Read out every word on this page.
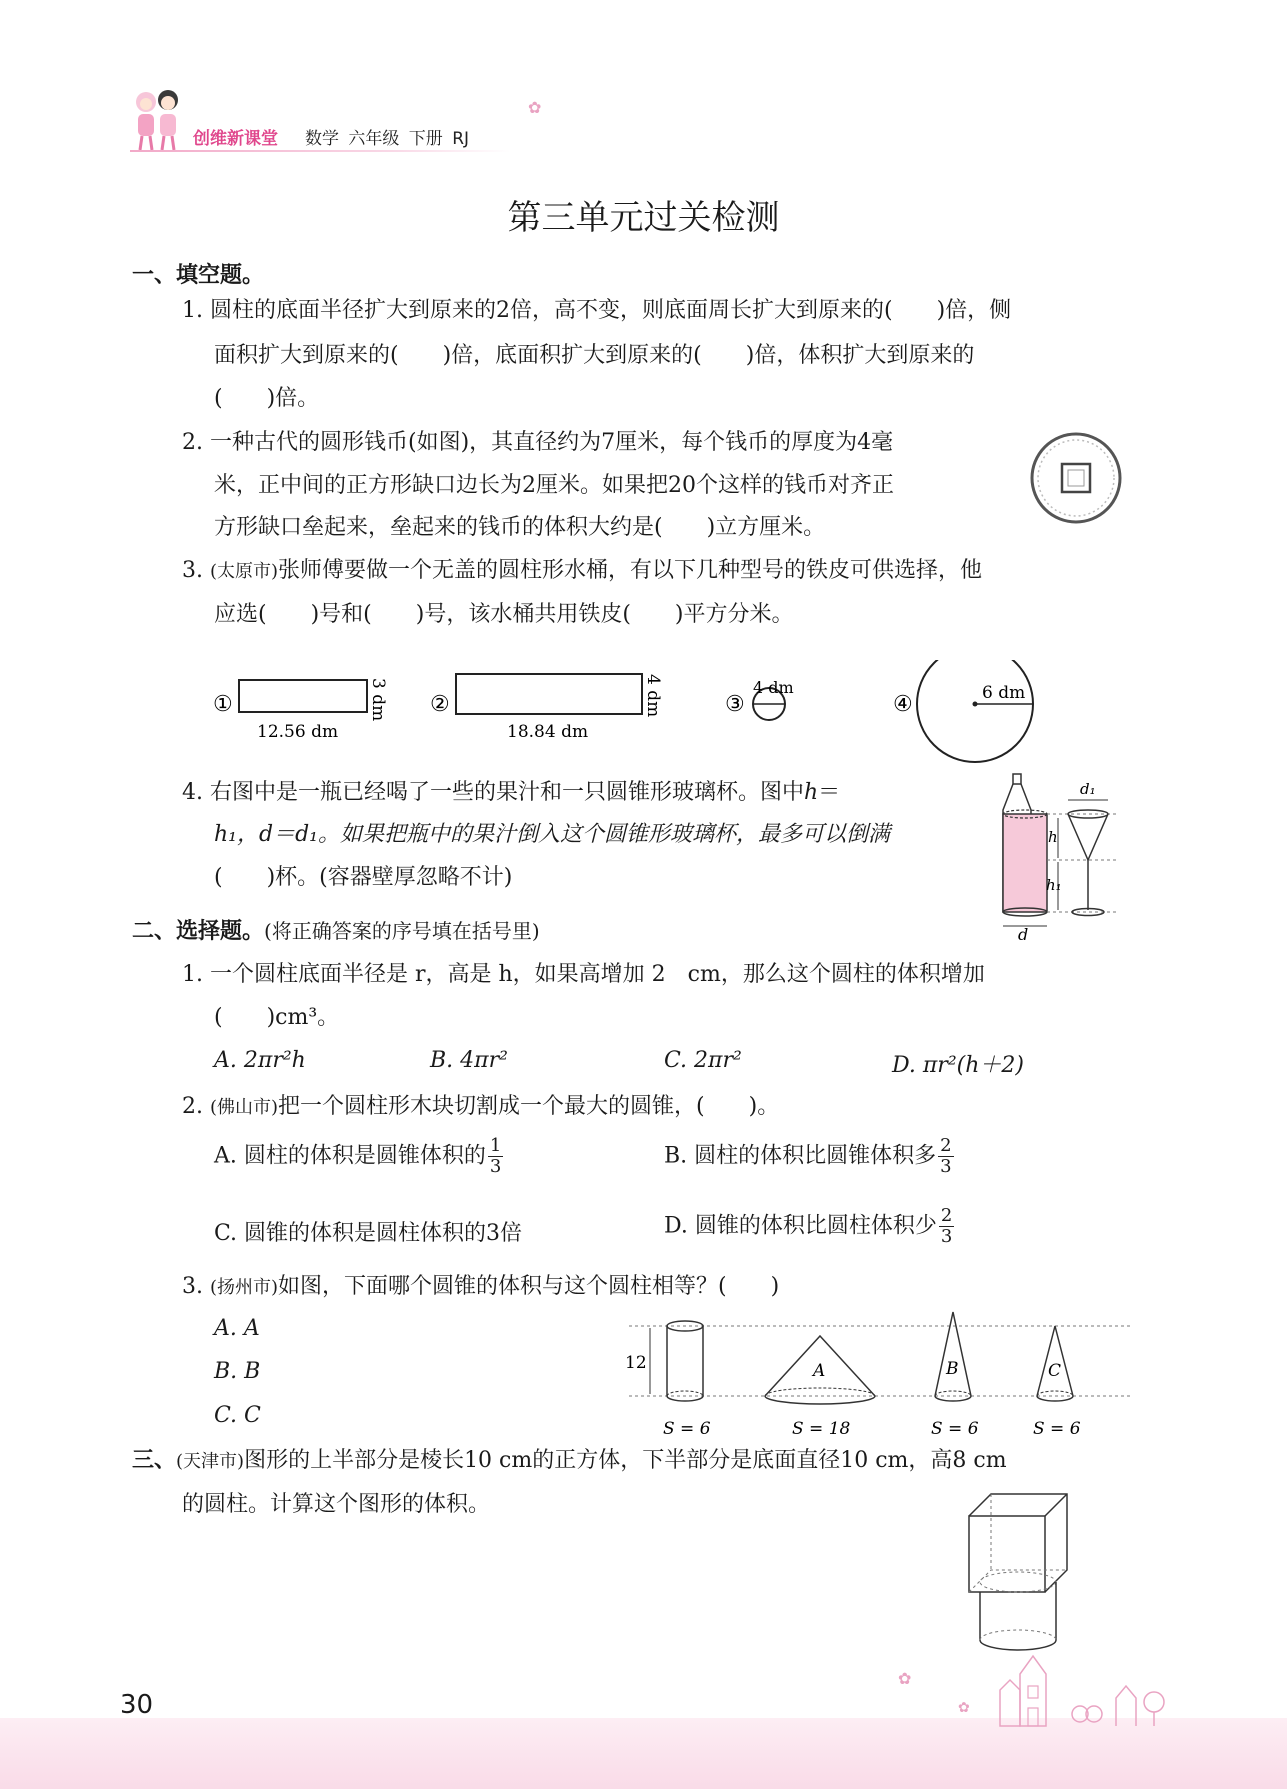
创维新课堂 数学 六年级 下册 RJ
✿
第三单元过关检测
一、填空题。
1. 圆柱的底面半径扩大到原来的2倍，高不变，则底面周长扩大到原来的(　　)倍，侧
面积扩大到原来的(　　)倍，底面积扩大到原来的(　　)倍，体积扩大到原来的
(　　)倍。
2. 一种古代的圆形钱币(如图)，其直径约为7厘米，每个钱币的厚度为4毫
米，正中间的正方形缺口边长为2厘米。如果把20个这样的钱币对齐正
方形缺口垒起来，垒起来的钱币的体积大约是(　　)立方厘米。
3. (太原市)张师傅要做一个无盖的圆柱形水桶，有以下几种型号的铁皮可供选择，他
应选(　　)号和(　　)号，该水桶共用铁皮(　　)平方分米。
①
12.56 dm
3 dm ②
18.84 dm
4 dm	③
4 dm
④	6 dm
4. 右图中是一瓶已经喝了一些的果汁和一只圆锥形玻璃杯。图中h＝
h₁，d＝d₁。如果把瓶中的果汁倒入这个圆锥形玻璃杯，最多可以倒满
(　　)杯。(容器壁厚忽略不计)
d
h
h₁
d₁
二、选择题。(将正确答案的序号填在括号里)
1. 一个圆柱底面半径是 r，高是 h，如果高增加 2　cm，那么这个圆柱的体积增加
(　　)cm³。
A. 2πr²h	B. 4πr²	C. 2πr²	D. πr²(h＋2)
2. (佛山市)把一个圆柱形木块切割成一个最大的圆锥，(　　)。
A. 圆柱的体积是圆锥体积的 $\frac{1}{3}$	B. 圆柱的体积比圆锥体积多 $\frac{2}{3}$
C. 圆锥的体积是圆柱体积的3倍	D. 圆锥的体积比圆柱体积少 $\frac{2}{3}$
3. (扬州市)如图，下面哪个圆锥的体积与这个圆柱相等？(　　)
A. A
B. B
C. C
12
S = 6
A
S = 18
B
S = 6
C
S = 6
三、(天津市)图形的上半部分是棱长10 cm的正方体，下半部分是底面直径10 cm，高8 cm
的圆柱。计算这个图形的体积。
30
✿
✿
